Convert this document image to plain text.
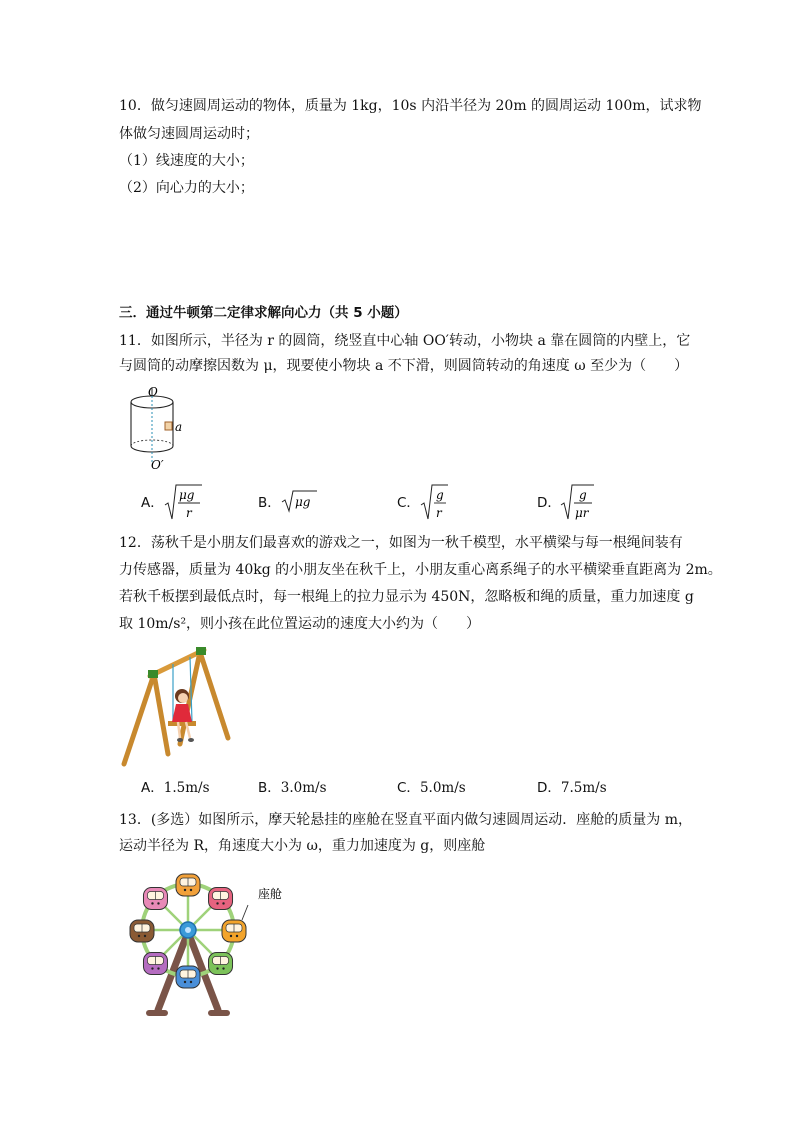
10．做匀速圆周运动的物体，质量为 1kg，10s 内沿半径为 20m 的圆周运动 100m，试求物
体做匀速圆周运动时；
（1）线速度的大小；
（2）向心力的大小；
三．通过牛顿第二定律求解向心力（共 5 小题）
11．如图所示，半径为 r 的圆筒，绕竖直中心轴 OO′转动，小物块 a 靠在圆筒的内壁上，它
与圆筒的动摩擦因数为 μ，现要使小物块 a 不下滑，则圆筒转动的角速度 ω 至少为（　　）
O
O′
a
A． μg
r
B． μg	C． g
r
D． g
μr
12．荡秋千是小朋友们最喜欢的游戏之一，如图为一秋千模型，水平横梁与每一根绳间装有
力传感器，质量为 40kg 的小朋友坐在秋千上，小朋友重心离系绳子的水平横梁垂直距离为 2m。
若秋千板摆到最低点时，每一根绳上的拉力显示为 450N，忽略板和绳的质量，重力加速度 g
取 10m/s²，则小孩在此位置运动的速度大小约为（　　）
A．1.5m/s	B．3.0m/s	C．5.0m/s	D．7.5m/s
13．(多选）如图所示，摩天轮悬挂的座舱在竖直平面内做匀速圆周运动．座舱的质量为 m，
运动半径为 R，角速度大小为 ω，重力加速度为 g，则座舱
座舱
